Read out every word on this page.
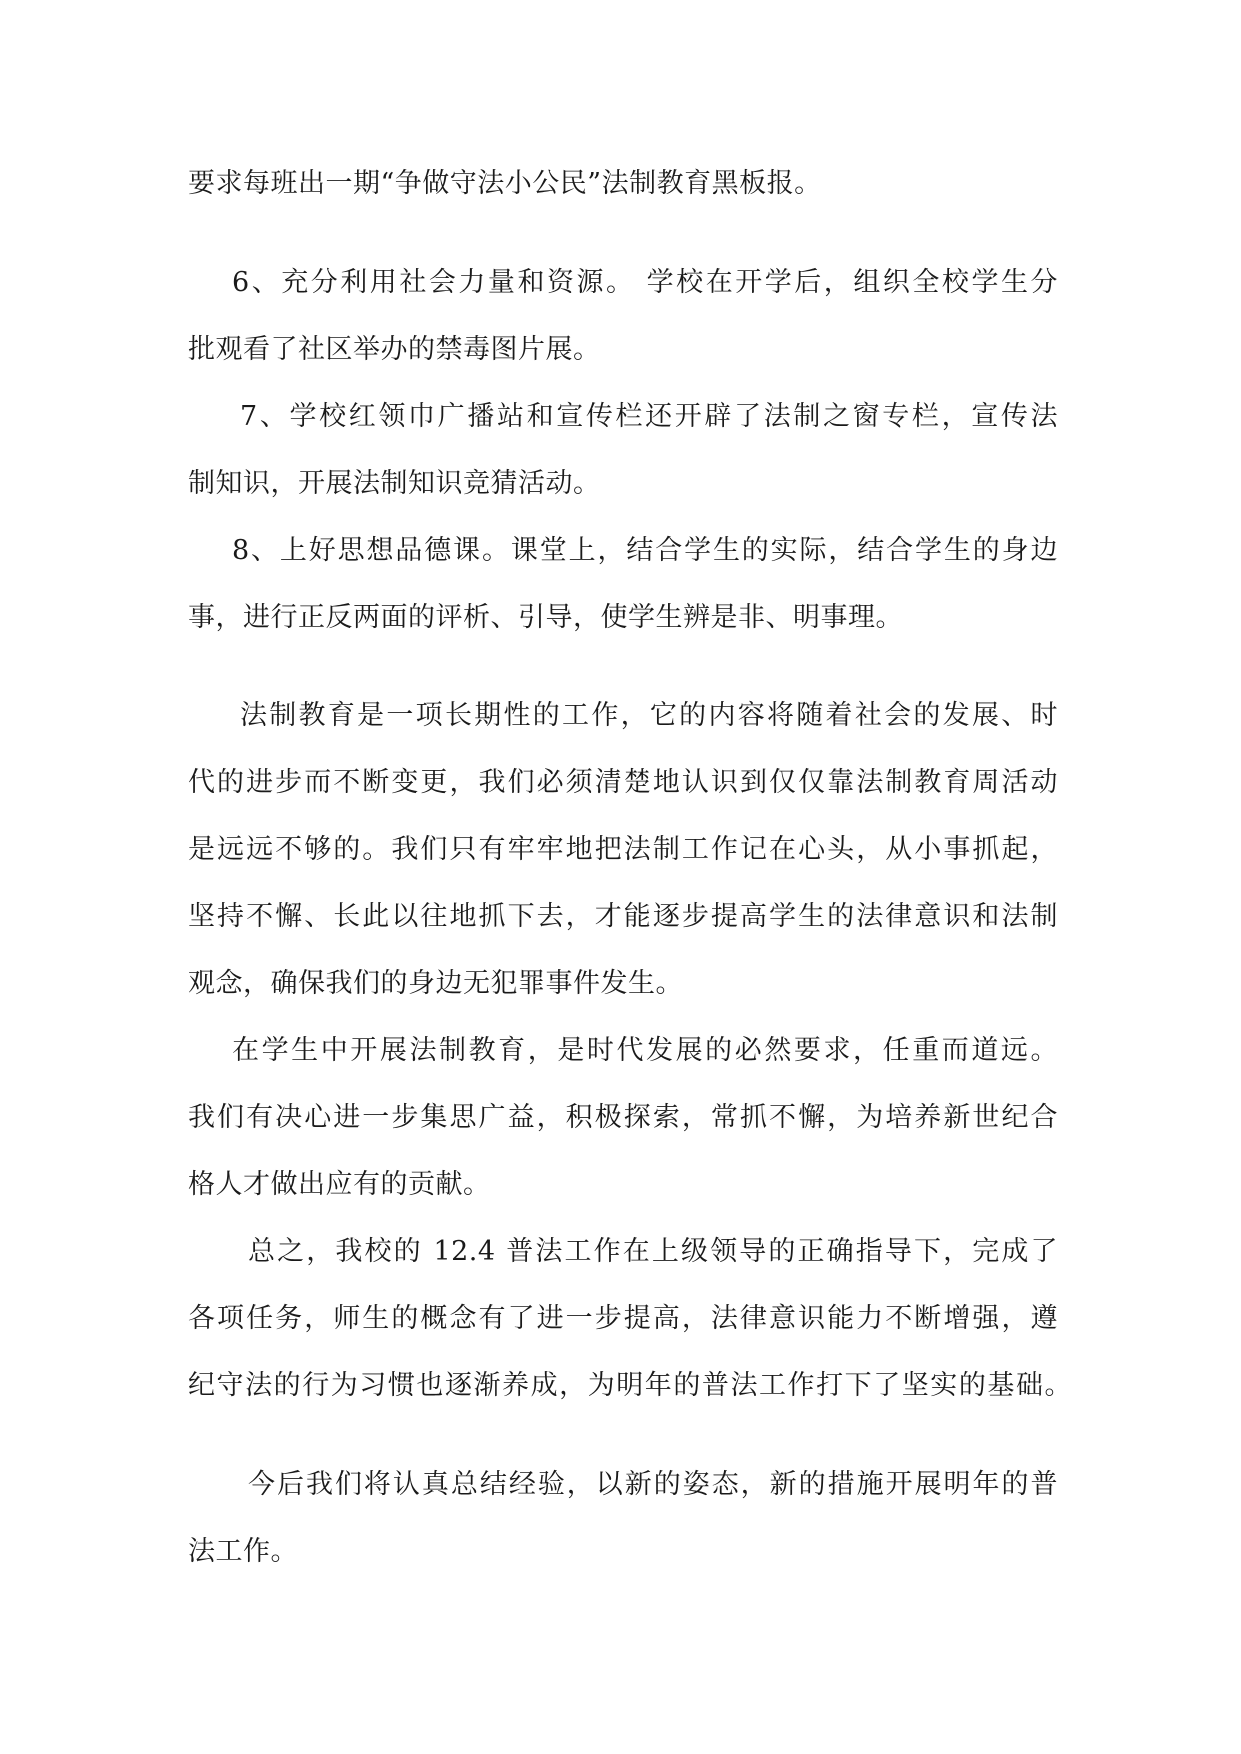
要求每班出一期“争做守法小公民”法制教育黑板报。
6、充分利用社会力量和资源。 学校在开学后，组织全校学生分
批观看了社区举办的禁毒图片展。
7、学校红领巾广播站和宣传栏还开辟了法制之窗专栏，宣传法
制知识，开展法制知识竞猜活动。
8、上好思想品德课。课堂上，结合学生的实际，结合学生的身边
事，进行正反两面的评析、引导，使学生辨是非、明事理。
法制教育是一项长期性的工作，它的内容将随着社会的发展、时
代的进步而不断变更，我们必须清楚地认识到仅仅靠法制教育周活动
是远远不够的。我们只有牢牢地把法制工作记在心头，从小事抓起，
坚持不懈、长此以往地抓下去，才能逐步提高学生的法律意识和法制
观念，确保我们的身边无犯罪事件发生。
在学生中开展法制教育，是时代发展的必然要求，任重而道远。
我们有决心进一步集思广益，积极探索，常抓不懈，为培养新世纪合
格人才做出应有的贡献。
总之，我校的 12.4 普法工作在上级领导的正确指导下，完成了
各项任务，师生的概念有了进一步提高，法律意识能力不断增强，遵
纪守法的行为习惯也逐渐养成，为明年的普法工作打下了坚实的基础。
今后我们将认真总结经验，以新的姿态，新的措施开展明年的普
法工作。
